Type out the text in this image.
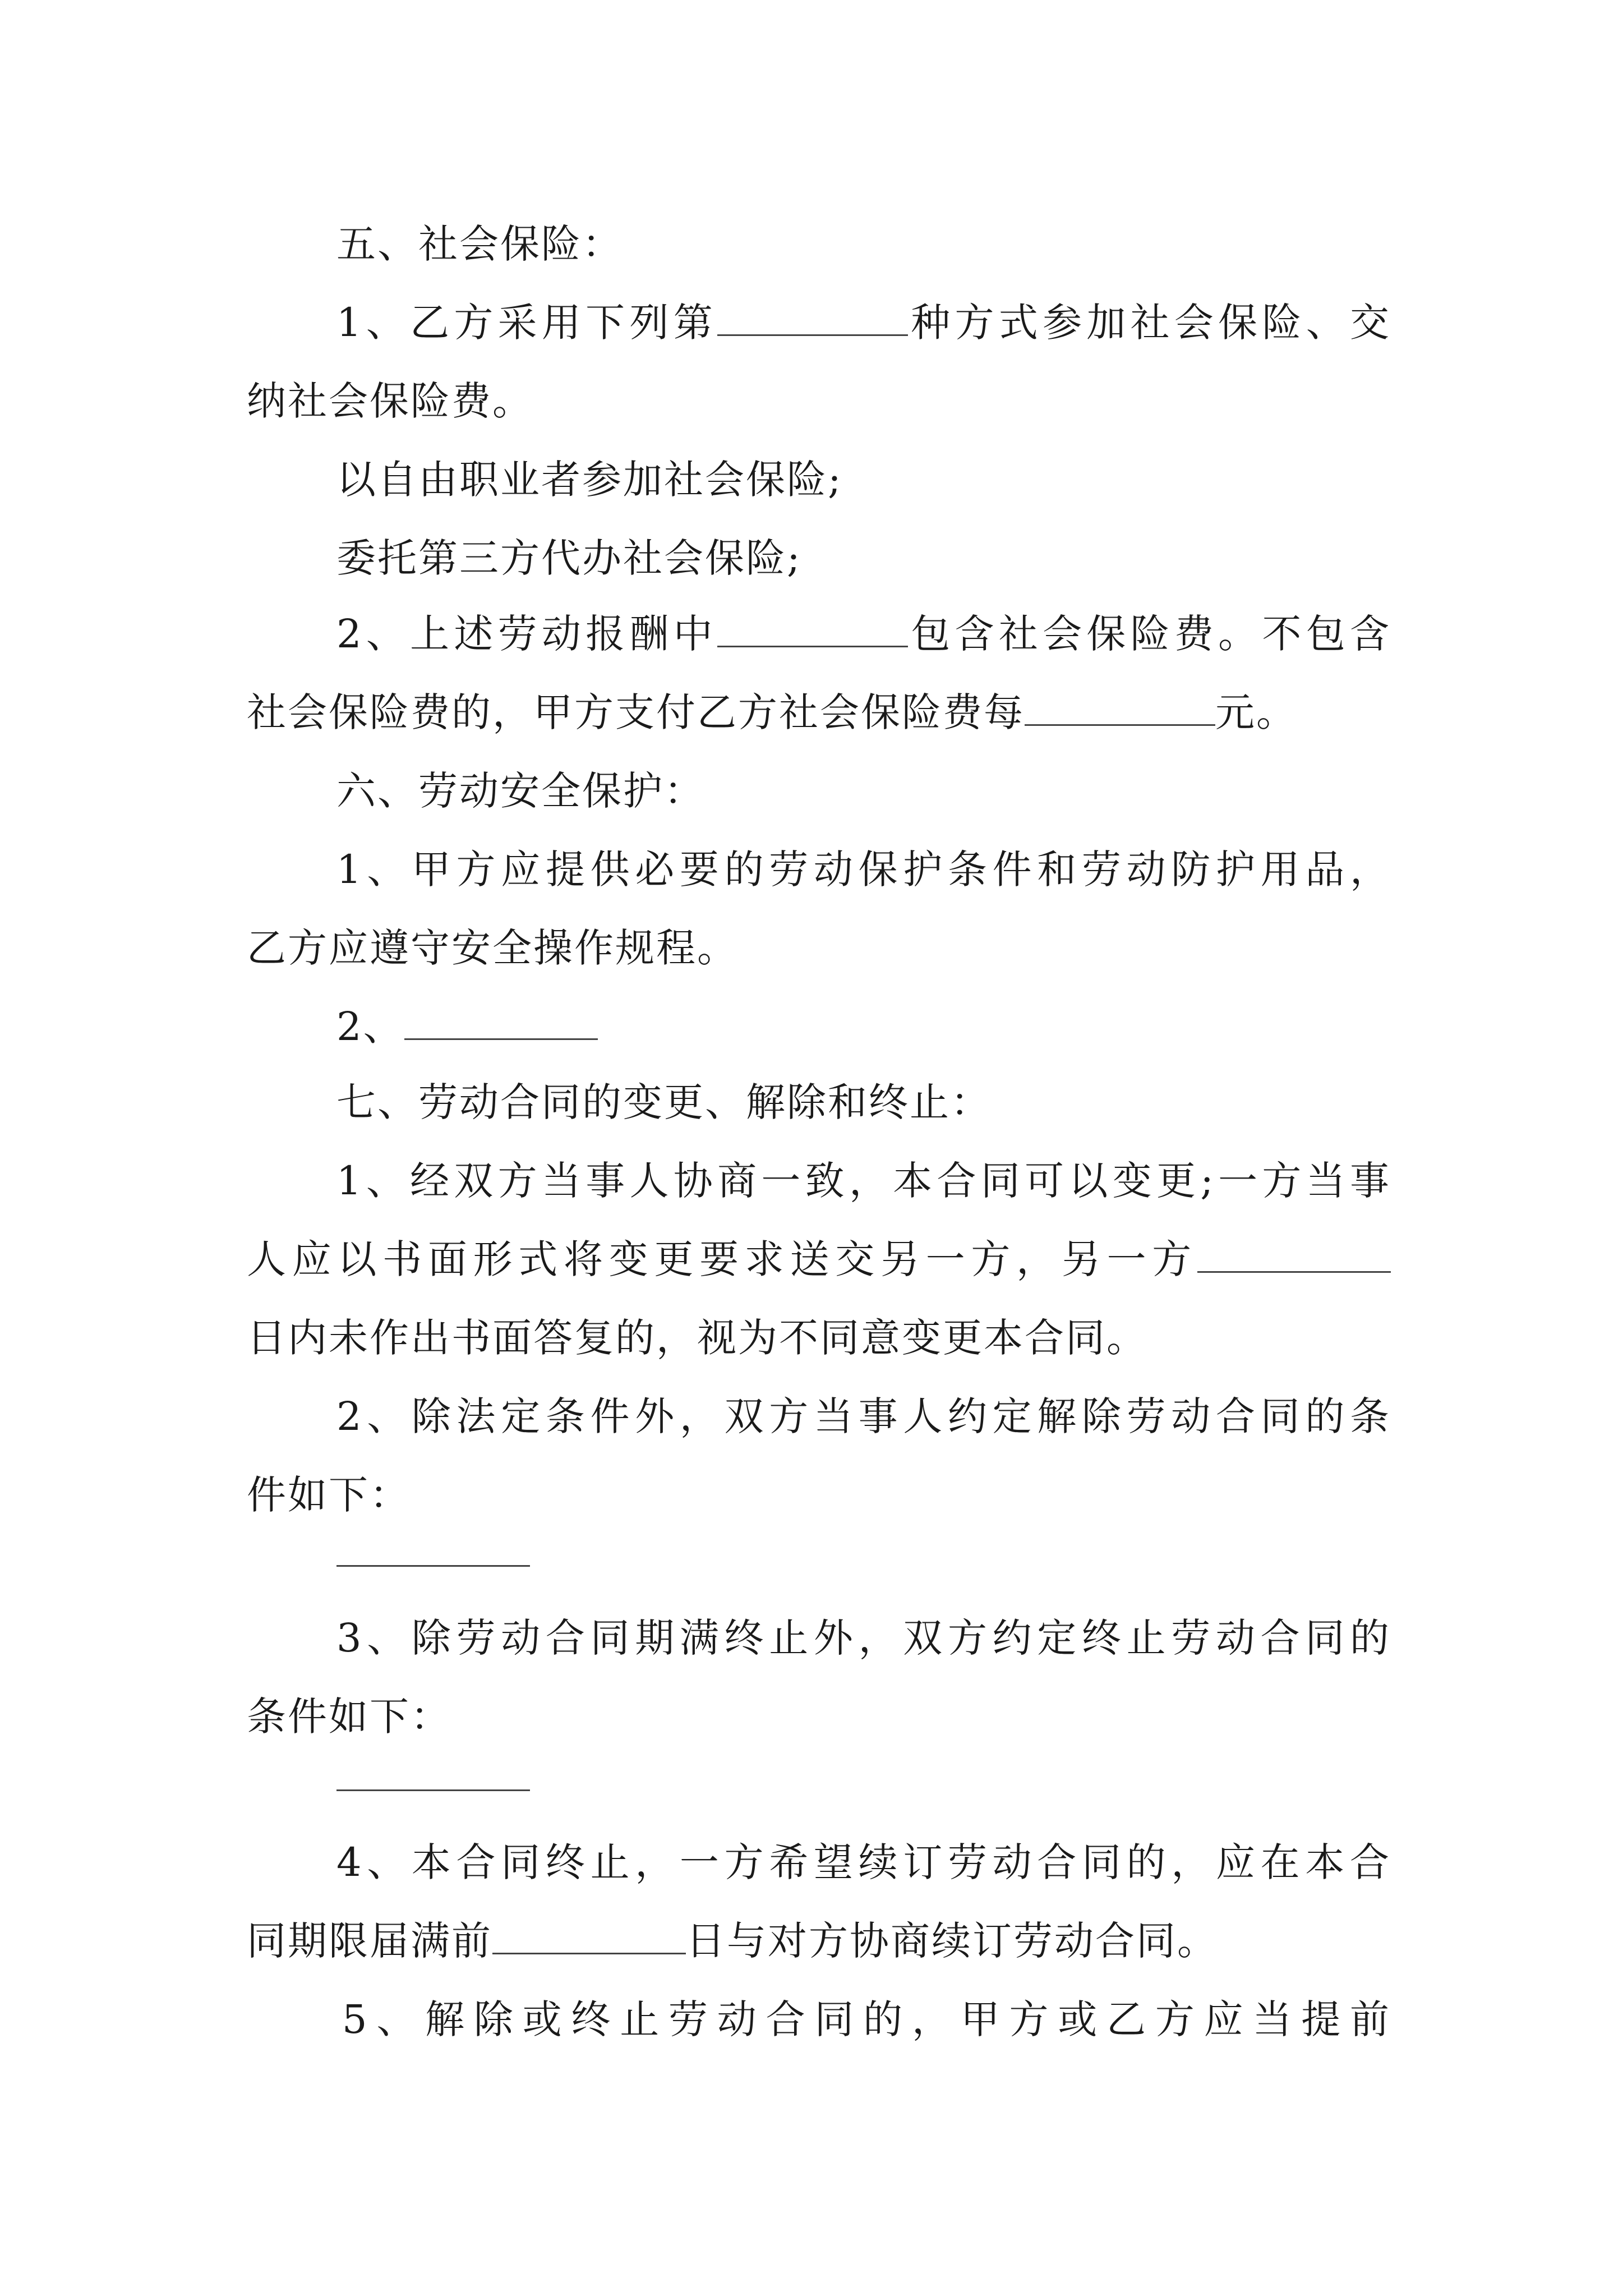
五、社会保险：
1、乙方采用下列第	种方式参加社会保险、交
纳社会保险费。
以自由职业者参加社会保险;
委托第三方代办社会保险;
2、上述劳动报酬中	包含社会保险费。不包含
社会保险费的，甲方支付乙方社会保险费每	元。
六、劳动安全保护：
1、甲方应提供必要的劳动保护条件和劳动防护用品，
乙方应遵守安全操作规程。
2、
七、劳动合同的变更、解除和终止：
1、经双方当事人协商一致，本合同可以变更;一方当事
人应以书面形式将变更要求送交另一方，另一方
日内未作出书面答复的，视为不同意变更本合同。
2、除法定条件外，双方当事人约定解除劳动合同的条
件如下：
3、除劳动合同期满终止外，双方约定终止劳动合同的
条件如下：
4、本合同终止，一方希望续订劳动合同的，应在本合
同期限届满前	日与对方协商续订劳动合同。
5、解除或终止劳动合同的，甲方或乙方应当提前
